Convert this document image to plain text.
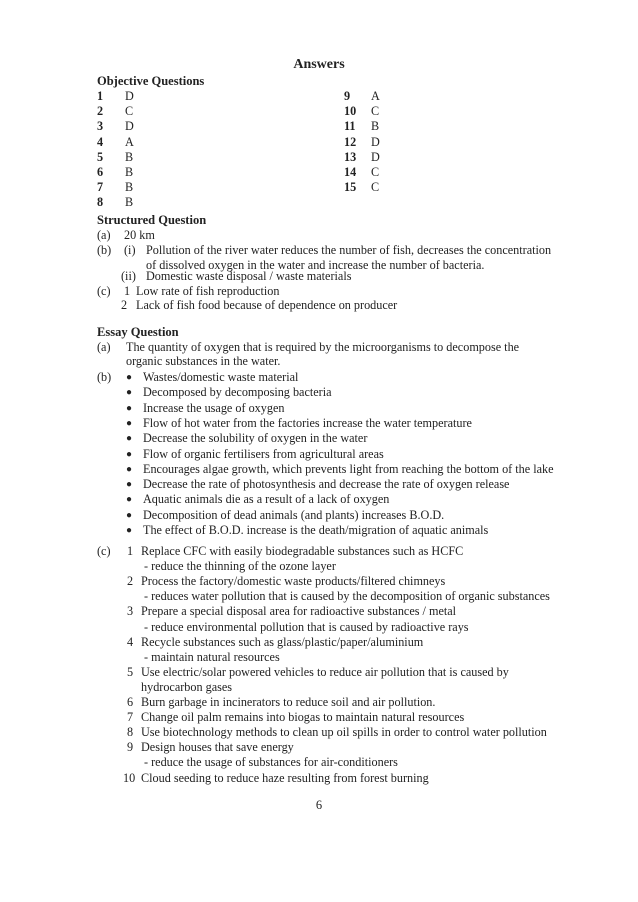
Answers
Objective Questions
1 D
2 C
3 D
4 A
5 B
6 B
7 B
8 B
9 A
10 C
11 B
12 D
13 D
14 C
15 C
Structured Question
(a) 20 km
(b) (i) Pollution of the river water reduces the number of fish, decreases the concentration
of dissolved oxygen in the water and increase the number of bacteria.
(ii) Domestic waste disposal / waste materials
(c) 1 Low rate of fish reproduction
2 Lack of fish food because of dependence on producer
Essay Question
(a) The quantity of oxygen that is required by the microorganisms to decompose the
organic substances in the water.
(b) ● Wastes/domestic waste material
● Decomposed by decomposing bacteria
● Increase the usage of oxygen
● Flow of hot water from the factories increase the water temperature
● Decrease the solubility of oxygen in the water
● Flow of organic fertilisers from agricultural areas
● Encourages algae growth, which prevents light from reaching the bottom of the lake
● Decrease the rate of photosynthesis and decrease the rate of oxygen release
● Aquatic animals die as a result of a lack of oxygen
● Decomposition of dead animals (and plants) increases B.O.D.
● The effect of B.O.D. increase is the death/migration of aquatic animals
(c) 1 Replace CFC with easily biodegradable substances such as HCFC
- reduce the thinning of the ozone layer
2 Process the factory/domestic waste products/filtered chimneys
- reduces water pollution that is caused by the decomposition of organic substances
3 Prepare a special disposal area for radioactive substances / metal
- reduce environmental pollution that is caused by radioactive rays
4 Recycle substances such as glass/plastic/paper/aluminium
- maintain natural resources
5 Use electric/solar powered vehicles to reduce air pollution that is caused by
hydrocarbon gases
6 Burn garbage in incinerators to reduce soil and air pollution.
7 Change oil palm remains into biogas to maintain natural resources
8 Use biotechnology methods to clean up oil spills in order to control water pollution
9 Design houses that save energy
- reduce the usage of substances for air-conditioners
10 Cloud seeding to reduce haze resulting from forest burning
6
